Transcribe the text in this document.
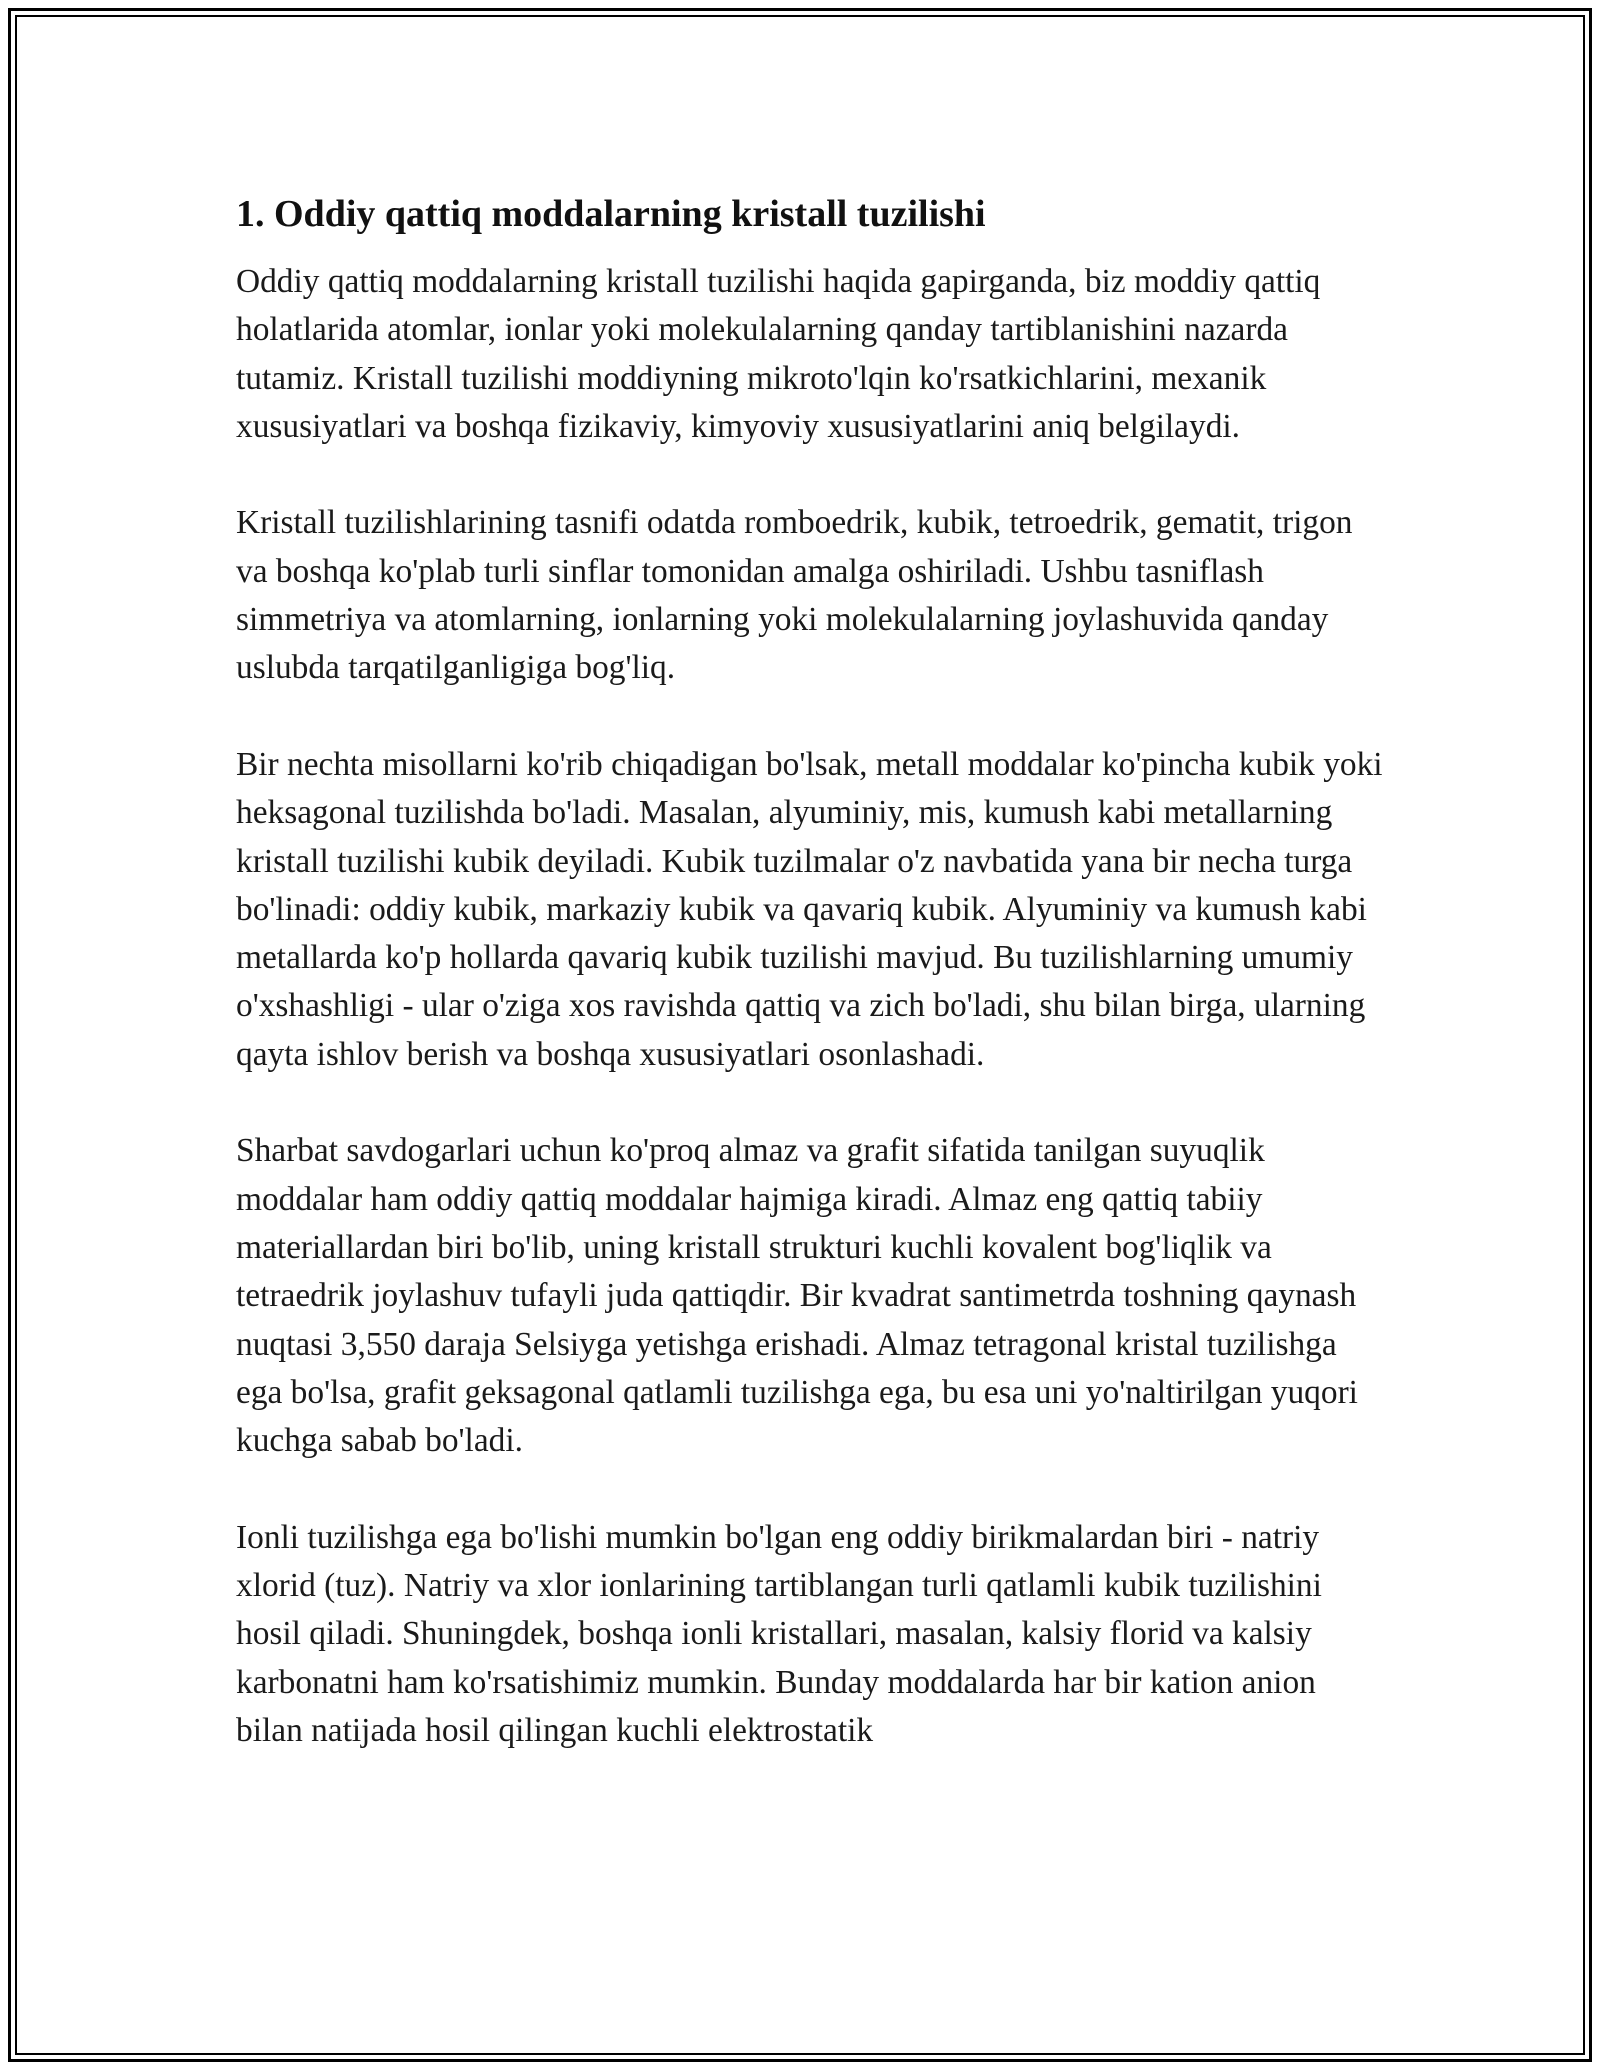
1. Oddiy qattiq moddalarning kristall tuzilishi

Oddiy qattiq moddalarning kristall tuzilishi haqida gapirganda, biz moddiy qattiq holatlarida atomlar, ionlar yoki molekulalarning qanday tartiblanishini nazarda tutamiz. Kristall tuzilishi moddiyning mikroto'lqin ko'rsatkichlarini, mexanik xususiyatlari va boshqa fizikaviy, kimyoviy xususiyatlarini aniq belgilaydi.

Kristall tuzilishlarining tasnifi odatda romboedrik, kubik, tetroedrik, gematit, trigon va boshqa ko'plab turli sinflar tomonidan amalga oshiriladi. Ushbu tasniflash simmetriya va atomlarning, ionlarning yoki molekulalarning joylashuvida qanday uslubda tarqatilganligiga bog'liq.

Bir nechta misollarni ko'rib chiqadigan bo'lsak, metall moddalar ko'pincha kubik yoki heksagonal tuzilishda bo'ladi. Masalan, alyuminiy, mis, kumush kabi metallarning kristall tuzilishi kubik deyiladi. Kubik tuzilmalar o'z navbatida yana bir necha turga bo'linadi: oddiy kubik, markaziy kubik va qavariq kubik. Alyuminiy va kumush kabi metallarda ko'p hollarda qavariq kubik tuzilishi mavjud. Bu tuzilishlarning umumiy o'xshashligi - ular o'ziga xos ravishda qattiq va zich bo'ladi, shu bilan birga, ularning qayta ishlov berish va boshqa xususiyatlari osonlashadi.

Sharbat savdogarlari uchun ko'proq almaz va grafit sifatida tanilgan suyuqlik moddalar ham oddiy qattiq moddalar hajmiga kiradi. Almaz eng qattiq tabiiy materiallardan biri bo'lib, uning kristall strukturi kuchli kovalent bog'liqlik va tetraedrik joylashuv tufayli juda qattiqdir. Bir kvadrat santimetrda toshning qaynash nuqtasi 3,550 daraja Selsiyga yetishga erishadi. Almaz tetragonal kristal tuzilishga ega bo'lsa, grafit geksagonal qatlamli tuzilishga ega, bu esa uni yo'naltirilgan yuqori kuchga sabab bo'ladi.

Ionli tuzilishga ega bo'lishi mumkin bo'lgan eng oddiy birikmalardan biri - natriy xlorid (tuz). Natriy va xlor ionlarining tartiblangan turli qatlamli kubik tuzilishini hosil qiladi. Shuningdek, boshqa ionli kristallari, masalan, kalsiy florid va kalsiy karbonatni ham ko'rsatishimiz mumkin. Bunday moddalarda har bir kation anion bilan natijada hosil qilingan kuchli elektrostatik
